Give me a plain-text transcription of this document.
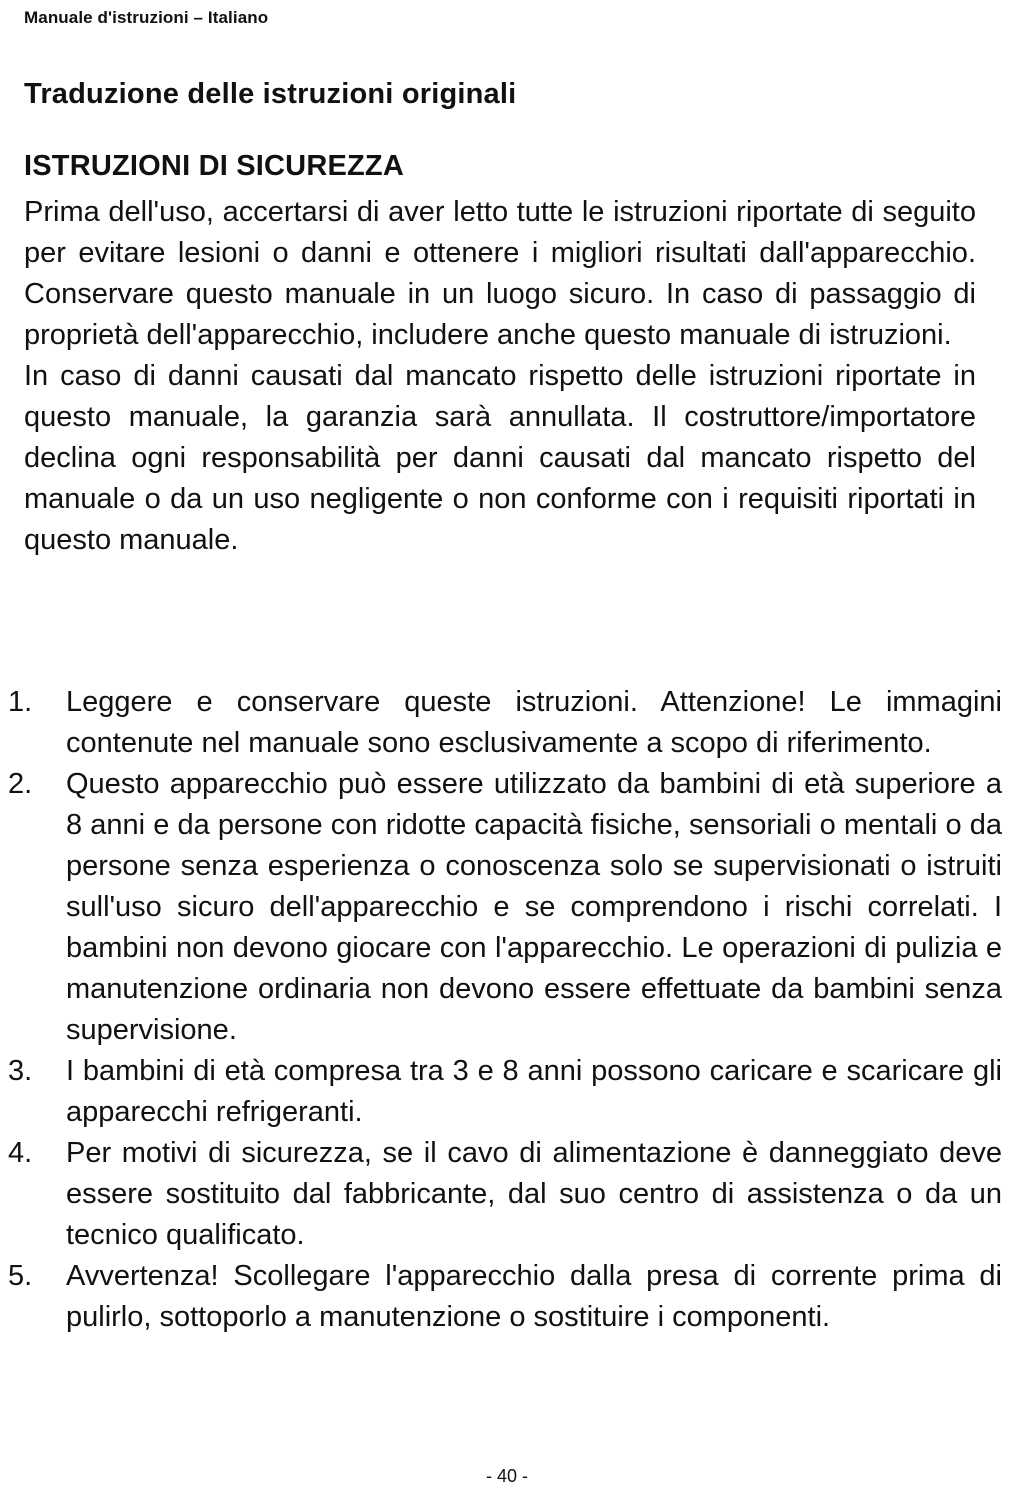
Manuale d'istruzioni – Italiano
Traduzione delle istruzioni originali
ISTRUZIONI DI SICUREZZA

Prima dell'uso, accertarsi di aver letto tutte le istruzioni riportate di seguito per evitare lesioni o danni e ottenere i migliori risultati dall'apparecchio. Conservare questo manuale in un luogo sicuro. In caso di passaggio di proprietà dell'apparecchio, includere anche questo manuale di istruzioni.

In caso di danni causati dal mancato rispetto delle istruzioni riportate in questo manuale, la garanzia sarà annullata. Il costruttore/importatore declina ogni responsabilità per danni causati dal mancato rispetto del manuale o da un uso negligente o non conforme con i requisiti riportati in questo manuale.

1. Leggere e conservare queste istruzioni. Attenzione! Le immagini contenute nel manuale sono esclusivamente a scopo di riferimento.
2. Questo apparecchio può essere utilizzato da bambini di età superiore a 8 anni e da persone con ridotte capacità fisiche, sensoriali o mentali o da persone senza esperienza o conoscenza solo se supervisionati o istruiti sull'uso sicuro dell'apparecchio e se comprendono i rischi correlati. I bambini non devono giocare con l'apparecchio. Le operazioni di pulizia e manutenzione ordinaria non devono essere effettuate da bambini senza supervisione.
3. I bambini di età compresa tra 3 e 8 anni possono caricare e scaricare gli apparecchi refrigeranti.
4. Per motivi di sicurezza, se il cavo di alimentazione è danneggiato deve essere sostituito dal fabbricante, dal suo centro di assistenza o da un tecnico qualificato.
5. Avvertenza! Scollegare l'apparecchio dalla presa di corrente prima di pulirlo, sottoporlo a manutenzione o sostituire i componenti.
- 40 -
